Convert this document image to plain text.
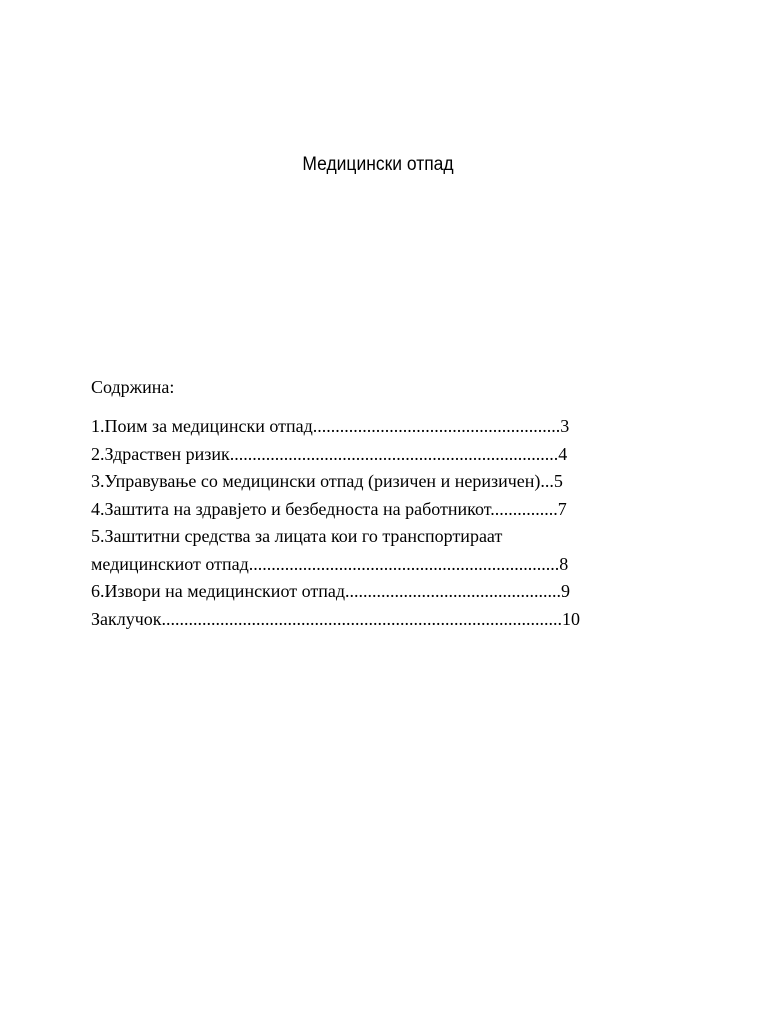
Медицински отпад

Содржина:

1.Поим за медицински отпад.......................................................3
2.Здраствен ризик.........................................................................4
3.Управување со медицински отпад (ризичен и неризичен)...5
4.Заштита на здравјето и безбедноста на работникот...............7
5.Заштитни средства за лицата кои го транспортираат
медицинскиот отпад.....................................................................8
6.Извори на медицинскиот отпад................................................9
Заклучок.........................................................................................10
